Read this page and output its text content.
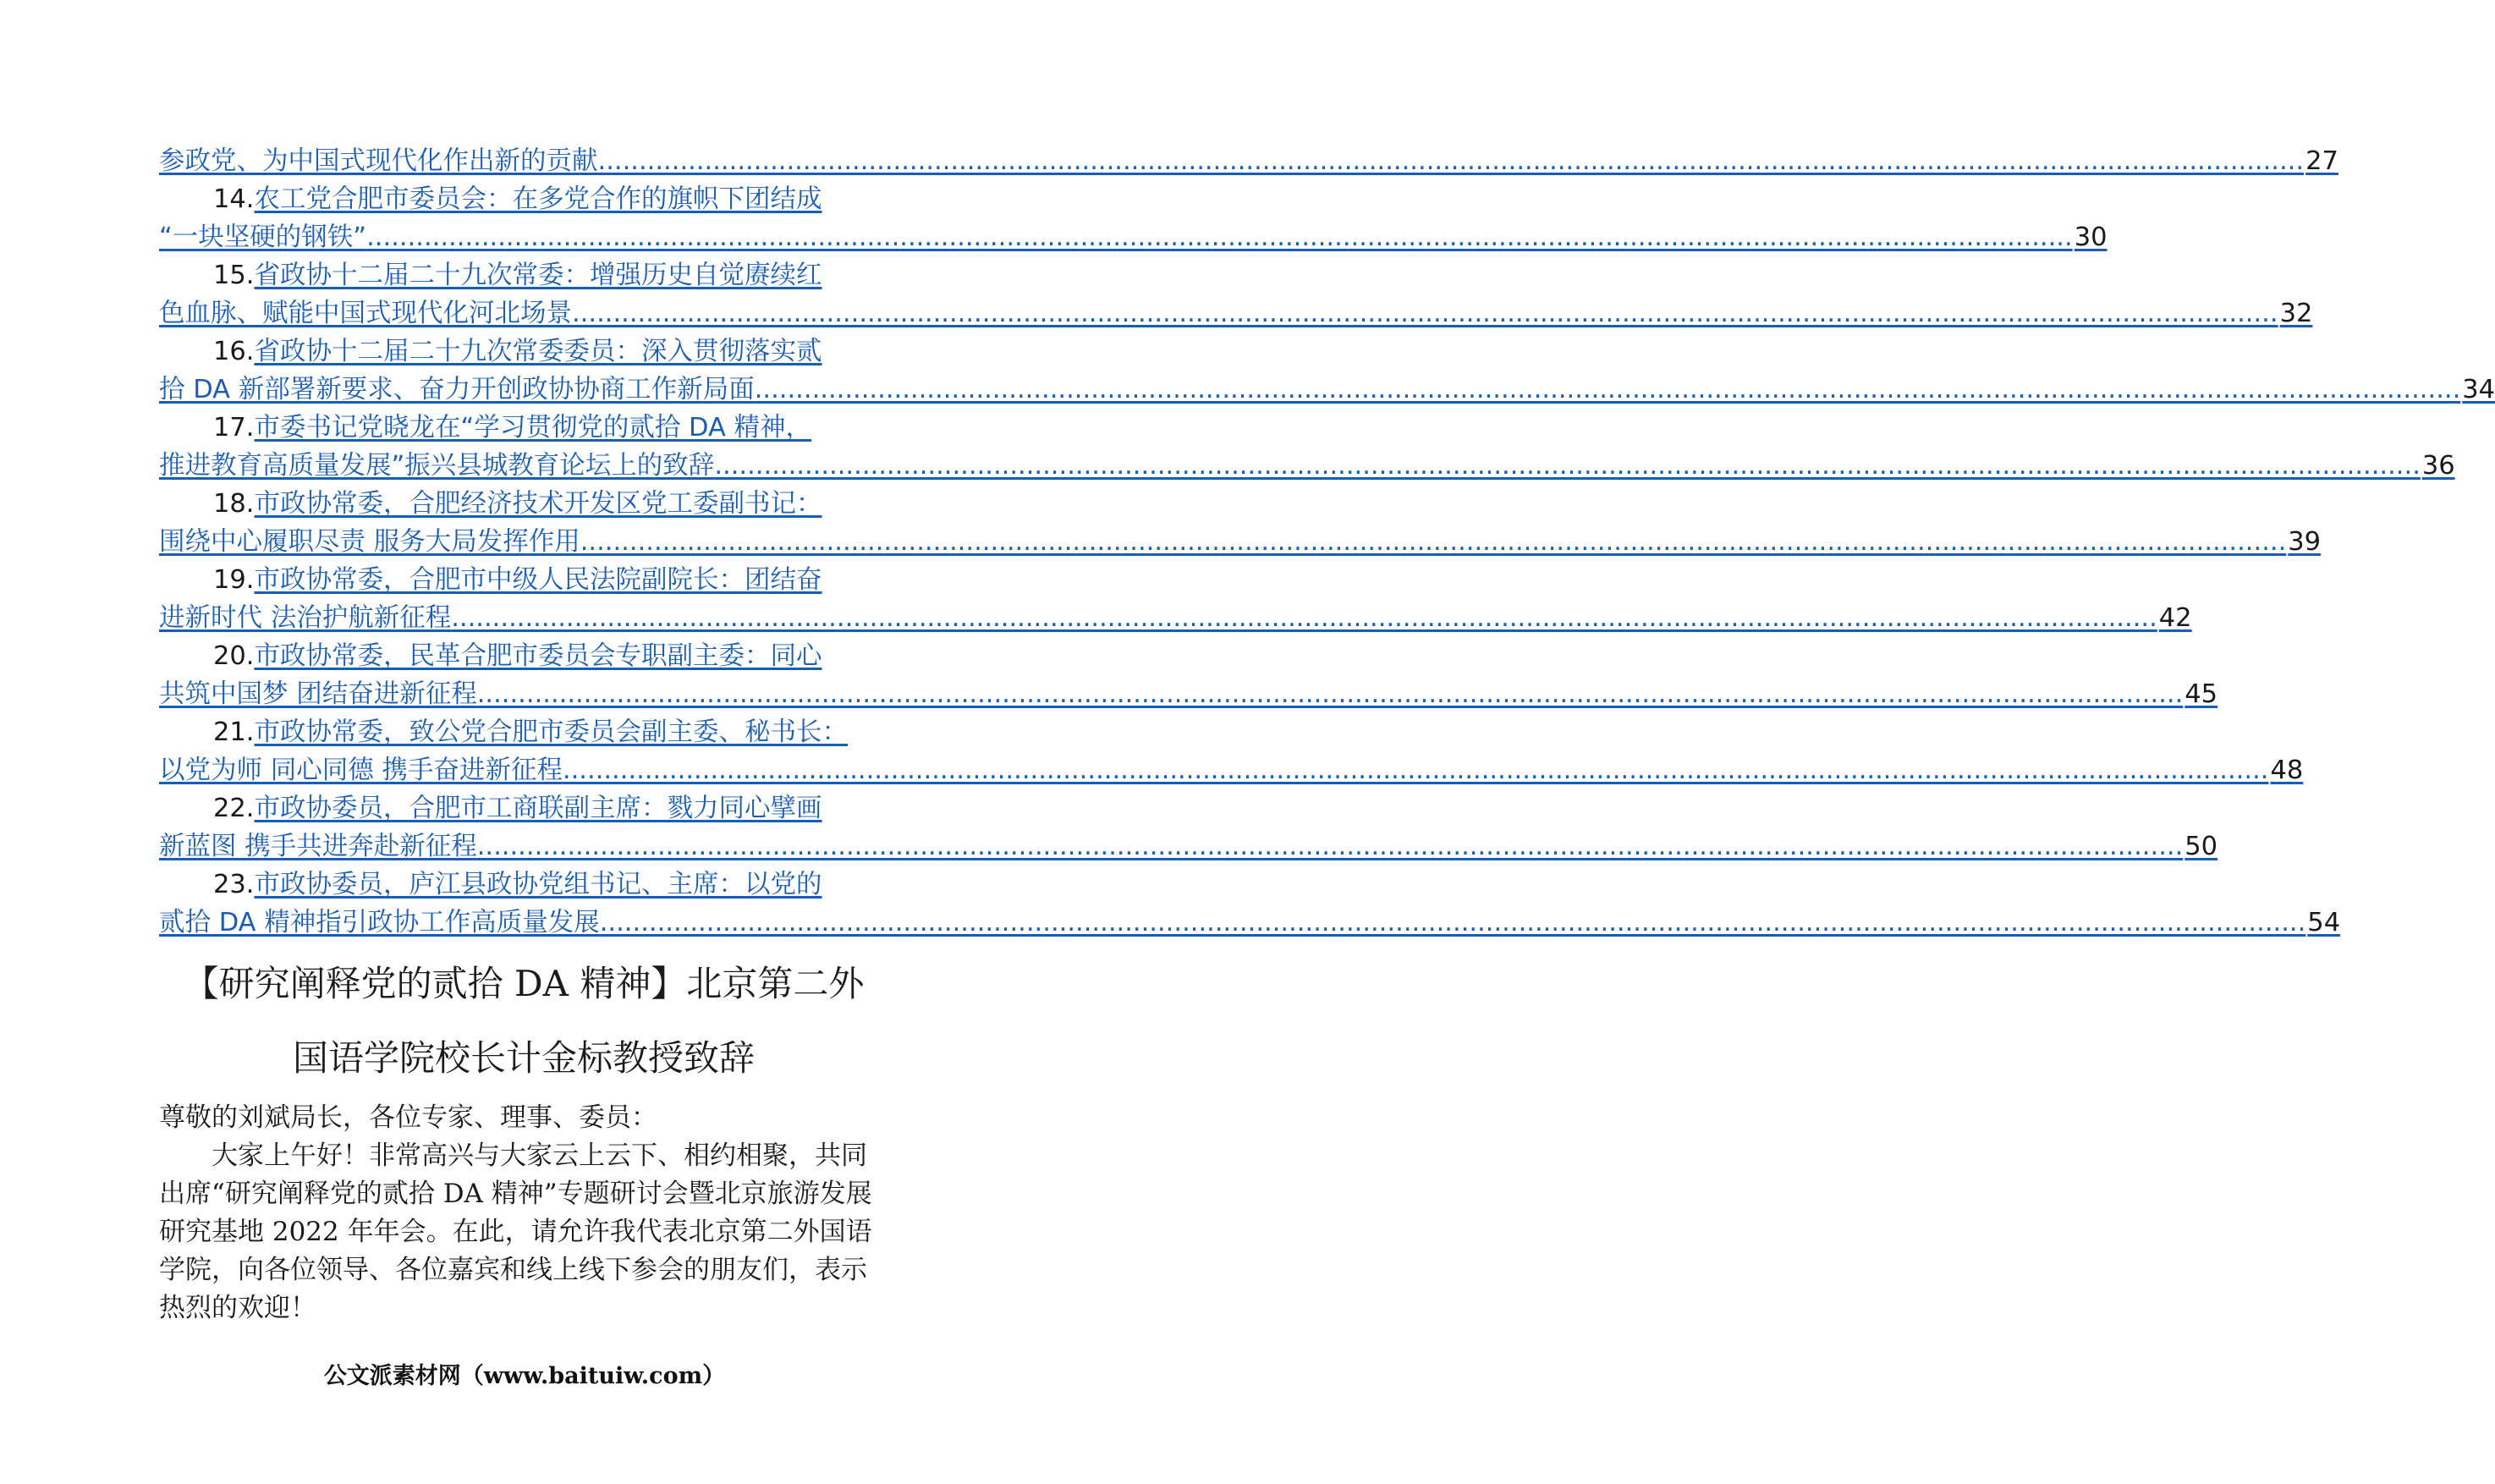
参政党、为中国式现代化作出新的贡献 .....	27
14. 农工党合肥市委员会：在多党合作的旗帜下团结成
“一块坚硬的钢铁” .....	30
15. 省政协十二届二十九次常委：增强历史自觉赓续红
色血脉、赋能中国式现代化河北场景 .....	32
16. 省政协十二届二十九次常委委员：深入贯彻落实贰
拾 DA 新部署新要求、奋力开创政协协商工作新局面 .....	34
17. 市委书记党晓龙在“学习贯彻党的贰拾 DA 精神，
推进教育高质量发展”振兴县城教育论坛上的致辞 .....	36
18. 市政协常委，合肥经济技术开发区党工委副书记：
围绕中心履职尽责 服务大局发挥作用 .....	39
19. 市政协常委，合肥市中级人民法院副院长：团结奋
进新时代 法治护航新征程 .....	42
20. 市政协常委，民革合肥市委员会专职副主委：同心
共筑中国梦 团结奋进新征程 .....	45
21. 市政协常委，致公党合肥市委员会副主委、秘书长：
以党为师 同心同德 携手奋进新征程 .....	48
22. 市政协委员，合肥市工商联副主席：戮力同心擘画
新蓝图 携手共进奔赴新征程 .....	50
23. 市政协委员，庐江县政协党组书记、主席：以党的
贰拾 DA 精神指引政协工作高质量发展 .....	54
【研究阐释党的贰拾 DA 精神】北京第二外
国语学院校长计金标教授致辞
尊敬的刘斌局长，各位专家、理事、委员：
大家上午好！非常高兴与大家云上云下、相约相聚，共同出席“研究阐释党的贰拾 DA 精神”专题研讨会暨北京旅游发展研究基地 2022 年年会。在此，请允许我代表北京第二外国语学院，向各位领导、各位嘉宾和线上线下参会的朋友们，表示热烈的欢迎！
公文派素材网（www.baituiw.com）
